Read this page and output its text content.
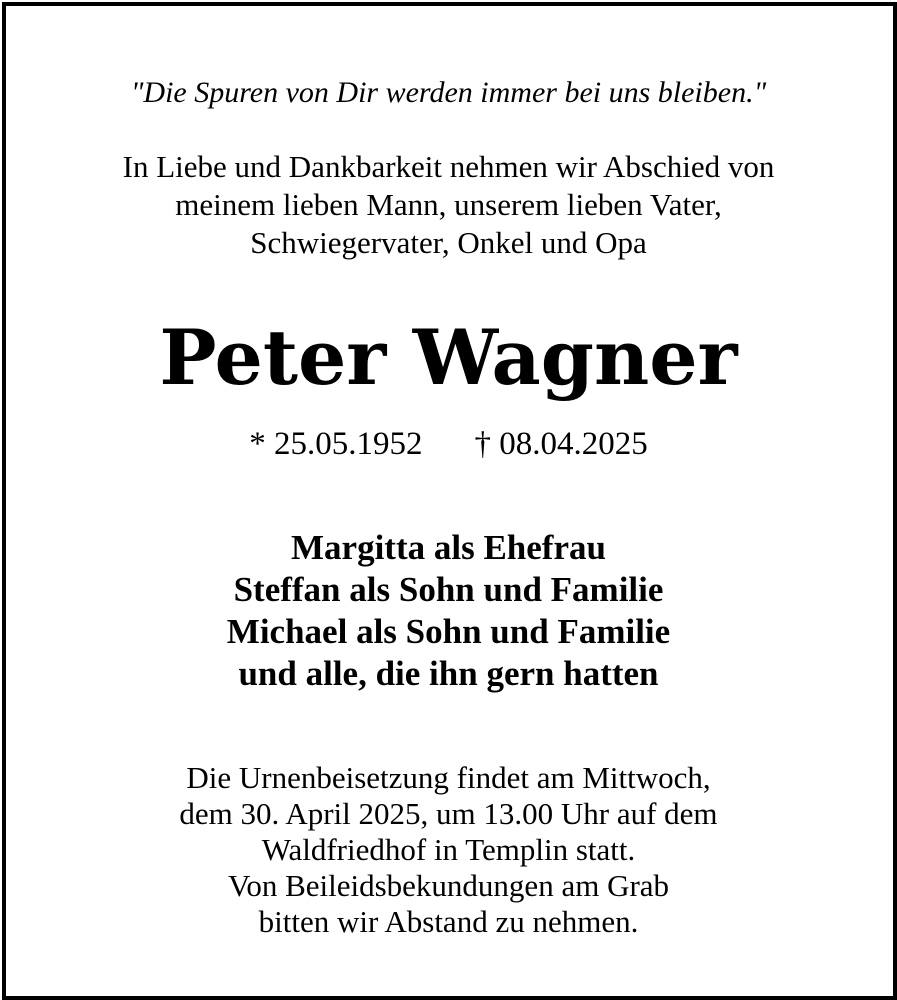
"Die Spuren von Dir werden immer bei uns bleiben."
In Liebe und Dankbarkeit nehmen wir Abschied von
meinem lieben Mann, unserem lieben Vater,
Schwiegervater, Onkel und Opa
Peter Wagner
* 25.05.1952 † 08.04.2025
Margitta als Ehefrau
Steffan als Sohn und Familie
Michael als Sohn und Familie
und alle, die ihn gern hatten
Die Urnenbeisetzung findet am Mittwoch,
dem 30. April 2025, um 13.00 Uhr auf dem
Waldfriedhof in Templin statt.
Von Beileidsbekundungen am Grab
bitten wir Abstand zu nehmen.
